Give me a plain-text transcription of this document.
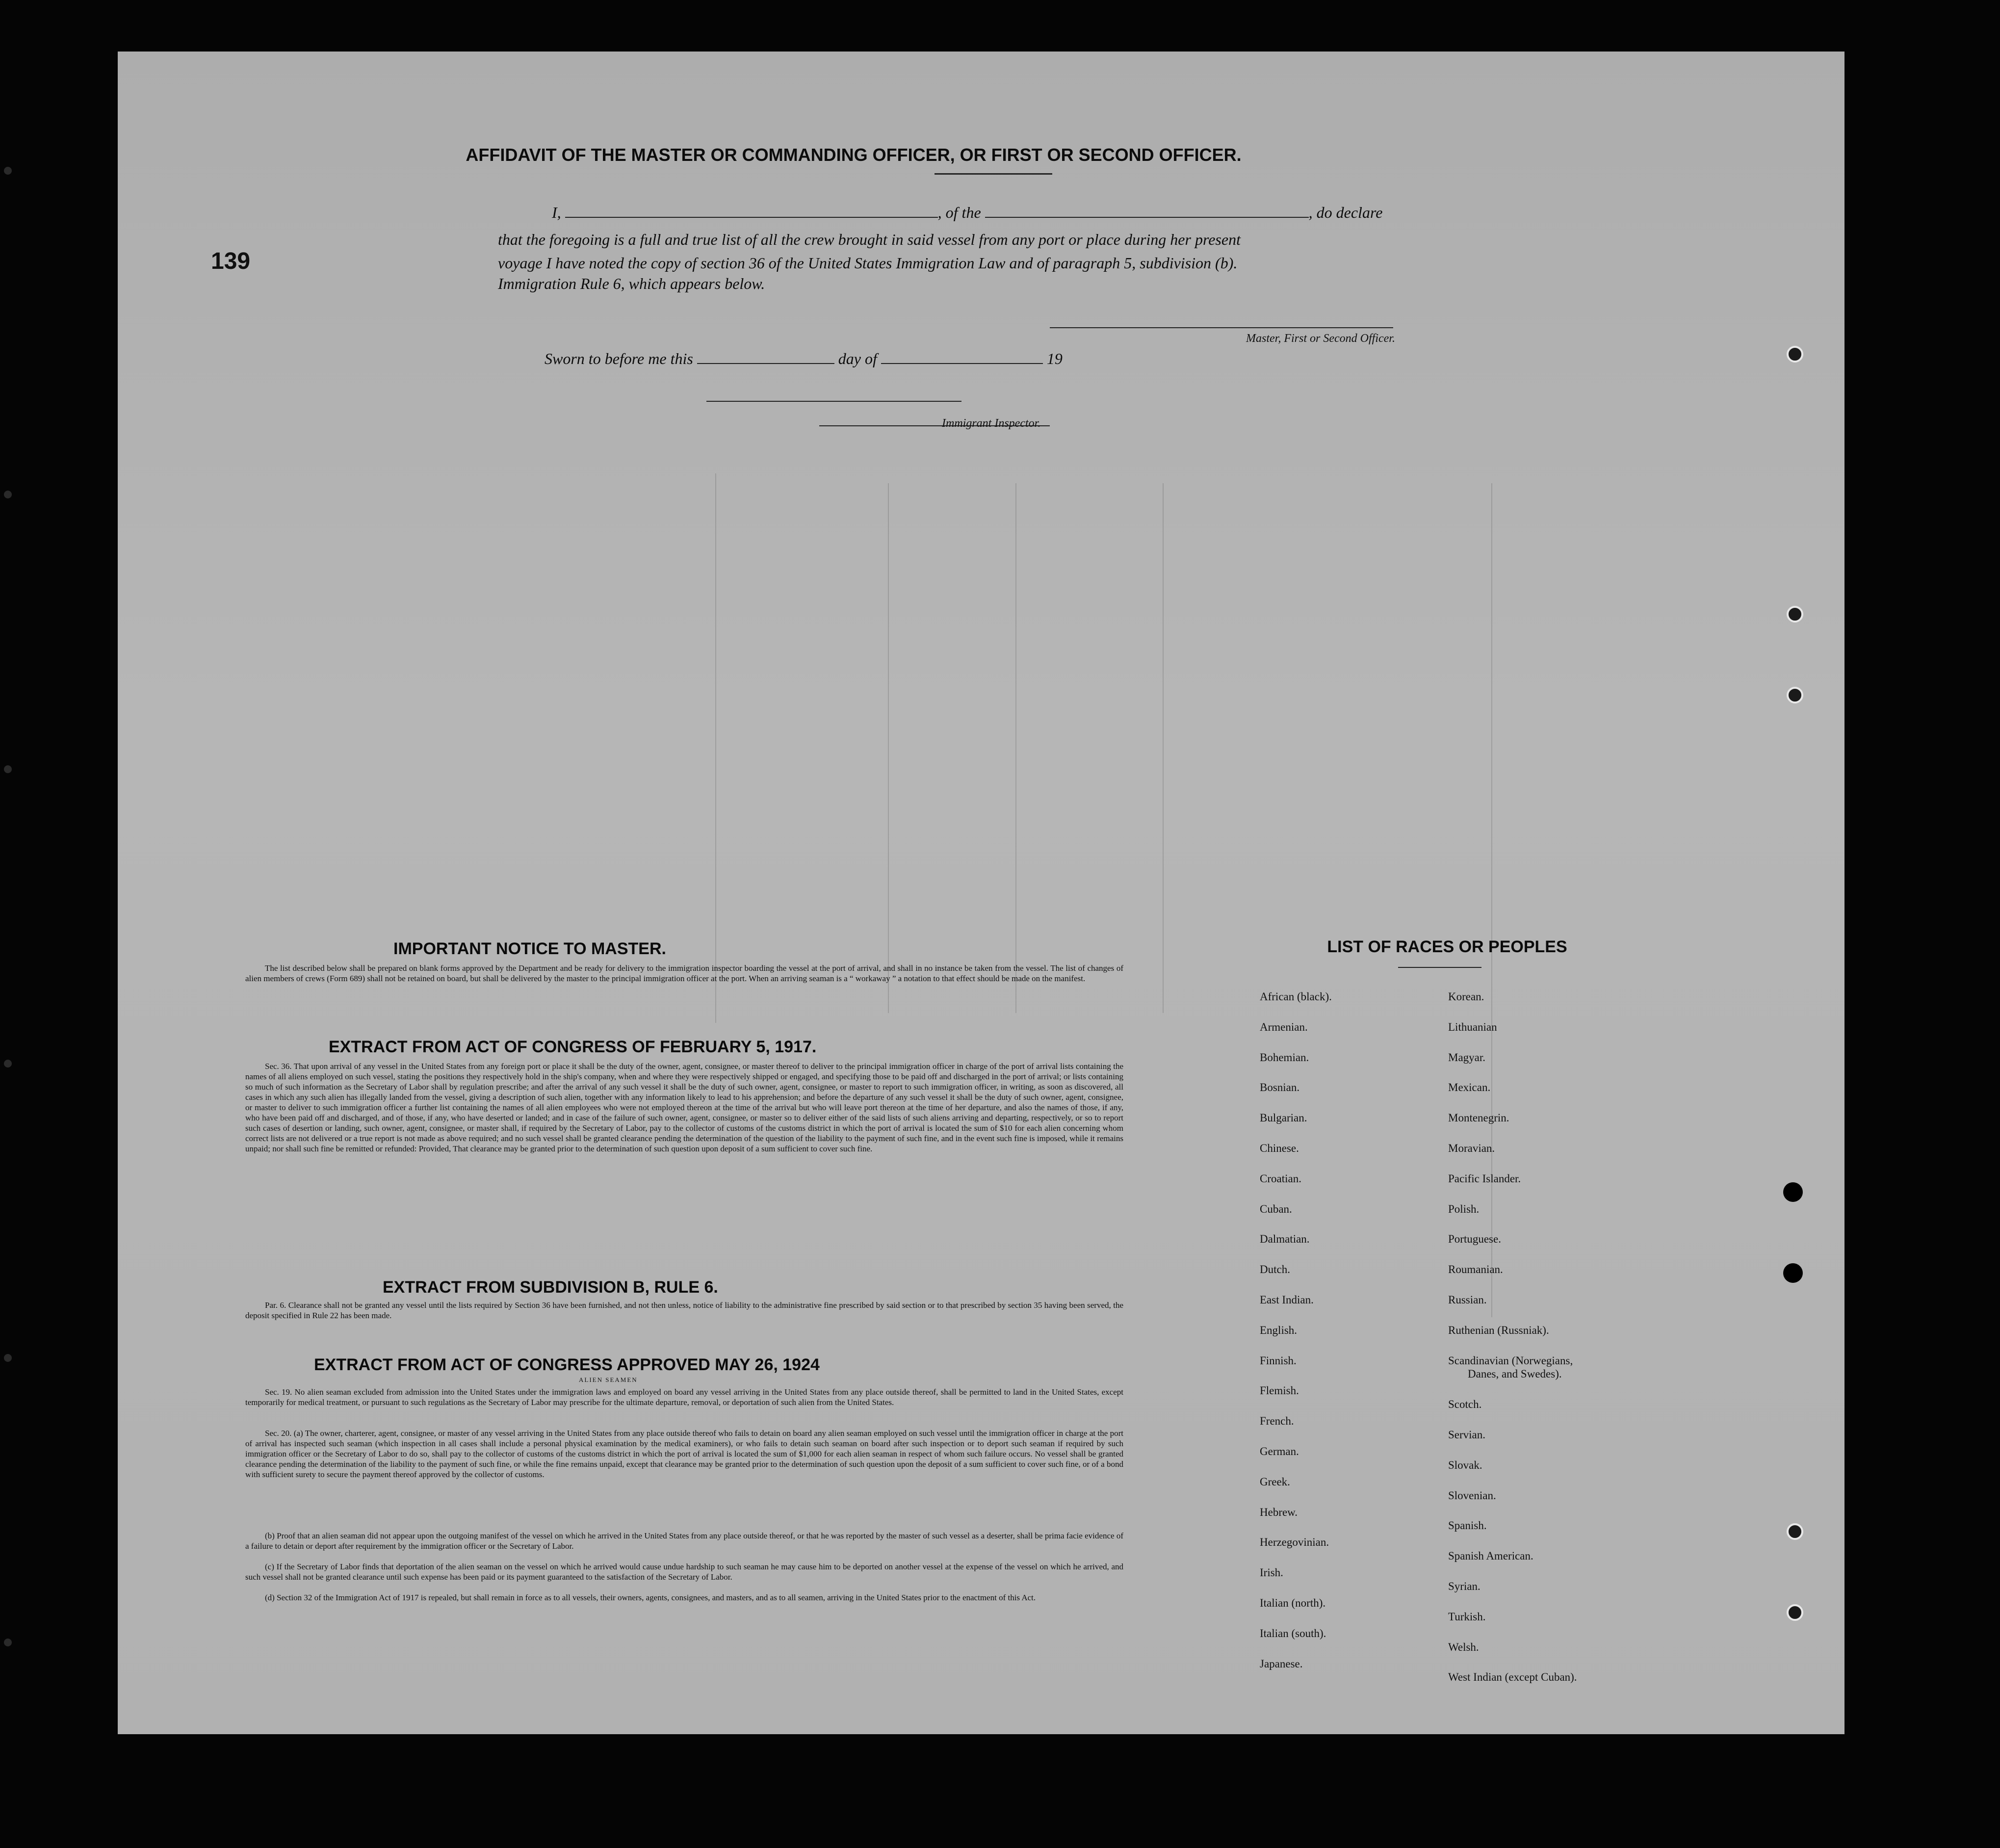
139
AFFIDAVIT OF THE MASTER OR COMMANDING OFFICER, OR FIRST OR SECOND OFFICER.
I,	, of the	, do declare
that the foregoing is a full and true list of all the crew brought in said vessel from any port or place during her present
voyage I have noted the copy of section 36 of the United States Immigration Law and of paragraph 5, subdivision (b).
Immigration Rule 6, which appears below.
Master, First or Second Officer.
Sworn to before me this	day of	19
Immigrant Inspector.
IMPORTANT NOTICE TO MASTER.
The list described below shall be prepared on blank forms approved by the Department and be ready for delivery to the immigration inspector boarding the vessel at the port of arrival, and shall in no instance be taken from the vessel. The list of changes of alien members of crews (Form 689) shall not be retained on board, but shall be delivered by the master to the principal immigration officer at the port. When an arriving seaman is a “ workaway ” a notation to that effect should be made on the manifest.
EXTRACT FROM ACT OF CONGRESS OF FEBRUARY 5, 1917.
Sec. 36. That upon arrival of any vessel in the United States from any foreign port or place it shall be the duty of the owner, agent, consignee, or master thereof to deliver to the principal immigration officer in charge of the port of arrival lists containing the names of all aliens employed on such vessel, stating the positions they respectively hold in the ship's company, when and where they were respectively shipped or engaged, and specifying those to be paid off and discharged in the port of arrival; or lists containing so much of such information as the Secretary of Labor shall by regulation prescribe; and after the arrival of any such vessel it shall be the duty of such owner, agent, consignee, or master to report to such immigration officer, in writing, as soon as discovered, all cases in which any such alien has illegally landed from the vessel, giving a description of such alien, together with any information likely to lead to his apprehension; and before the departure of any such vessel it shall be the duty of such owner, agent, consignee, or master to deliver to such immigration officer a further list containing the names of all alien employees who were not employed thereon at the time of the arrival but who will leave port thereon at the time of her departure, and also the names of those, if any, who have been paid off and discharged, and of those, if any, who have deserted or landed; and in case of the failure of such owner, agent, consignee, or master so to deliver either of the said lists of such aliens arriving and departing, respectively, or so to report such cases of desertion or landing, such owner, agent, consignee, or master shall, if required by the Secretary of Labor, pay to the collector of customs of the customs district in which the port of arrival is located the sum of $10 for each alien concerning whom correct lists are not delivered or a true report is not made as above required; and no such vessel shall be granted clearance pending the determination of the question of the liability to the payment of such fine, and in the event such fine is imposed, while it remains unpaid; nor shall such fine be remitted or refunded: Provided, That clearance may be granted prior to the determination of such question upon deposit of a sum sufficient to cover such fine.
EXTRACT FROM SUBDIVISION B, RULE 6.
Par. 6. Clearance shall not be granted any vessel until the lists required by Section 36 have been furnished, and not then unless, notice of liability to the administrative fine prescribed by said section or to that prescribed by section 35 having been served, the deposit specified in Rule 22 has been made.
EXTRACT FROM ACT OF CONGRESS APPROVED MAY 26, 1924
ALIEN SEAMEN
Sec. 19. No alien seaman excluded from admission into the United States under the immigration laws and employed on board any vessel arriving in the United States from any place outside thereof, shall be permitted to land in the United States, except temporarily for medical treatment, or pursuant to such regulations as the Secretary of Labor may prescribe for the ultimate departure, removal, or deportation of such alien from the United States.
Sec. 20. (a) The owner, charterer, agent, consignee, or master of any vessel arriving in the United States from any place outside thereof who fails to detain on board any alien seaman employed on such vessel until the immigration officer in charge at the port of arrival has inspected such seaman (which inspection in all cases shall include a personal physical examination by the medical examiners), or who fails to detain such seaman on board after such inspection or to deport such seaman if required by such immigration officer or the Secretary of Labor to do so, shall pay to the collector of customs of the customs district in which the port of arrival is located the sum of $1,000 for each alien seaman in respect of whom such failure occurs. No vessel shall be granted clearance pending the determination of the liability to the payment of such fine, or while the fine remains unpaid, except that clearance may be granted prior to the determination of such question upon the deposit of a sum sufficient to cover such fine, or of a bond with sufficient surety to secure the payment thereof approved by the collector of customs.
(b) Proof that an alien seaman did not appear upon the outgoing manifest of the vessel on which he arrived in the United States from any place outside thereof, or that he was reported by the master of such vessel as a deserter, shall be prima facie evidence of a failure to detain or deport after requirement by the immigration officer or the Secretary of Labor.
(c) If the Secretary of Labor finds that deportation of the alien seaman on the vessel on which he arrived would cause undue hardship to such seaman he may cause him to be deported on another vessel at the expense of the vessel on which he arrived, and such vessel shall not be granted clearance until such expense has been paid or its payment guaranteed to the satisfaction of the Secretary of Labor.
(d) Section 32 of the Immigration Act of 1917 is repealed, but shall remain in force as to all vessels, their owners, agents, consignees, and masters, and as to all seamen, arriving in the United States prior to the enactment of this Act.
LIST OF RACES OR PEOPLES
African (black).
Armenian.
Bohemian.
Bosnian.
Bulgarian.
Chinese.
Croatian.
Cuban.
Dalmatian.
Dutch.
East Indian.
English.
Finnish.
Flemish.
French.
German.
Greek.
Hebrew.
Herzegovinian.
Irish.
Italian (north).
Italian (south).
Japanese.
Korean.
Lithuanian
Magyar.
Mexican.
Montenegrin.
Moravian.
Pacific Islander.
Polish.
Portuguese.
Roumanian.
Russian.
Ruthenian (Russniak).
Scandinavian (Norwegians,
Danes, and Swedes).
Scotch.
Servian.
Slovak.
Slovenian.
Spanish.
Spanish American.
Syrian.
Turkish.
Welsh.
West Indian (except Cuban).
